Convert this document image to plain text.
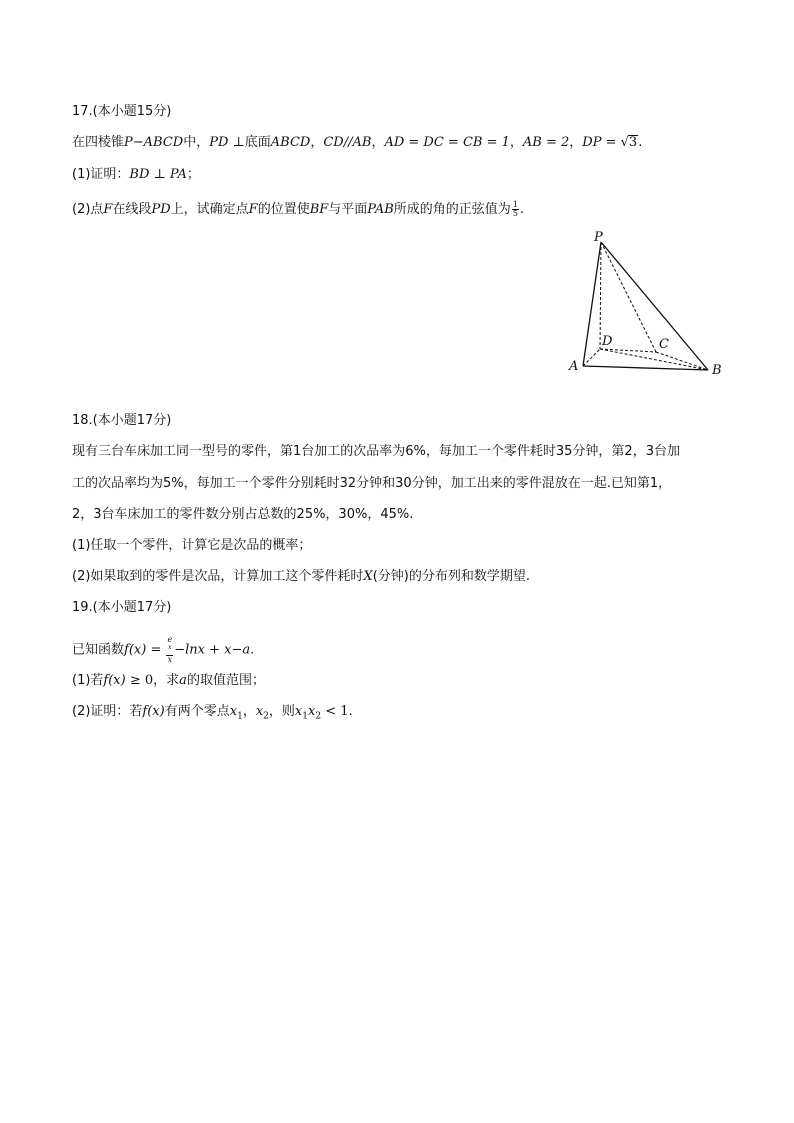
17.(本小题15分)
在四棱锥P−ABCD中，PD ⊥底面ABCD，CD//AB，AD = DC = CB = 1，AB = 2，DP = √3.
(1)证明：BD ⊥ PA；
(2)点F在线段PD上，试确定点F的位置使BF与平面PAB所成的角的正弦值为 $\frac{1}{5}$ .
18.(本小题17分)
现有三台车床加工同一型号的零件，第1台加工的次品率为6%，每加工一个零件耗时35分钟，第2，3台加
工的次品率均为5%，每加工一个零件分别耗时32分钟和30分钟，加工出来的零件混放在一起.已知第1，
2，3台车床加工的零件数分别占总数的25%，30%，45%.
(1)任取一个零件，计算它是次品的概率；
(2)如果取到的零件是次品，计算加工这个零件耗时X(分钟)的分布列和数学期望.
19.(本小题17分)
已知函数f(x) = e
$^x$
x −lnx + x−a.
(1)若f(x) ≥ 0，求a的取值范围；
(2)证明：若f(x)有两个零点$x_1$，$x_2$，则$x_1x_2 < 1$.
P
A	B
C
D
